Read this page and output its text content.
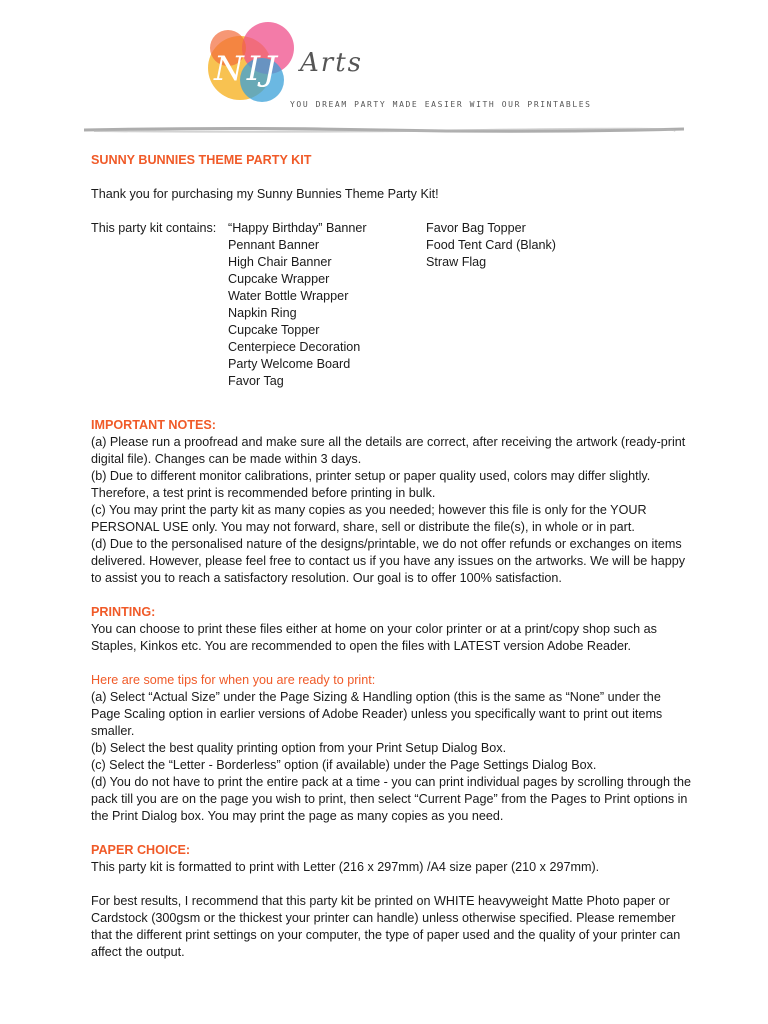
NIJ Arts
YOU DREAM PARTY MADE EASIER WITH OUR PRINTABLES
SUNNY BUNNIES THEME PARTY KIT
Thank you for purchasing my Sunny Bunnies Theme Party Kit!
This party kit contains: “Happy Birthday” Banner
Pennant Banner
High Chair Banner
Cupcake Wrapper
Water Bottle Wrapper
Napkin Ring
Cupcake Topper
Centerpiece Decoration
Party Welcome Board
Favor Tag
Favor Bag Topper
Food Tent Card (Blank)
Straw Flag
IMPORTANT NOTES:
(a) Please run a proofread and make sure all the details are correct, after receiving the artwork (ready-print digital file). Changes can be made within 3 days.
(b) Due to different monitor calibrations, printer setup or paper quality used, colors may differ slightly. Therefore, a test print is recommended before printing in bulk.
(c) You may print the party kit as many copies as you needed; however this file is only for the YOUR PERSONAL USE only. You may not forward, share, sell or distribute the file(s), in whole or in part.
(d) Due to the personalised nature of the designs/printable, we do not offer refunds or exchanges on items delivered. However, please feel free to contact us if you have any issues on the artworks. We will be happy to assist you to reach a satisfactory resolution. Our goal is to offer 100% satisfaction.
PRINTING:
You can choose to print these files either at home on your color printer or at a print/copy shop such as Staples, Kinkos etc. You are recommended to open the files with LATEST version Adobe Reader.
Here are some tips for when you are ready to print:
(a) Select “Actual Size” under the Page Sizing & Handling option (this is the same as “None” under the Page Scaling option in earlier versions of Adobe Reader) unless you specifically want to print out items smaller.
(b) Select the best quality printing option from your Print Setup Dialog Box.
(c) Select the “Letter - Borderless” option (if available) under the Page Settings Dialog Box.
(d) You do not have to print the entire pack at a time - you can print individual pages by scrolling through the pack till you are on the page you wish to print, then select “Current Page” from the Pages to Print options in the Print Dialog box. You may print the page as many copies as you need.
PAPER CHOICE:
This party kit is formatted to print with Letter (216 x 297mm) /A4 size paper (210 x 297mm).
For best results, I recommend that this party kit be printed on WHITE heavyweight Matte Photo paper or Cardstock (300gsm or the thickest your printer can handle) unless otherwise specified. Please remember that the different print settings on your computer, the type of paper used and the quality of your printer can affect the output.
